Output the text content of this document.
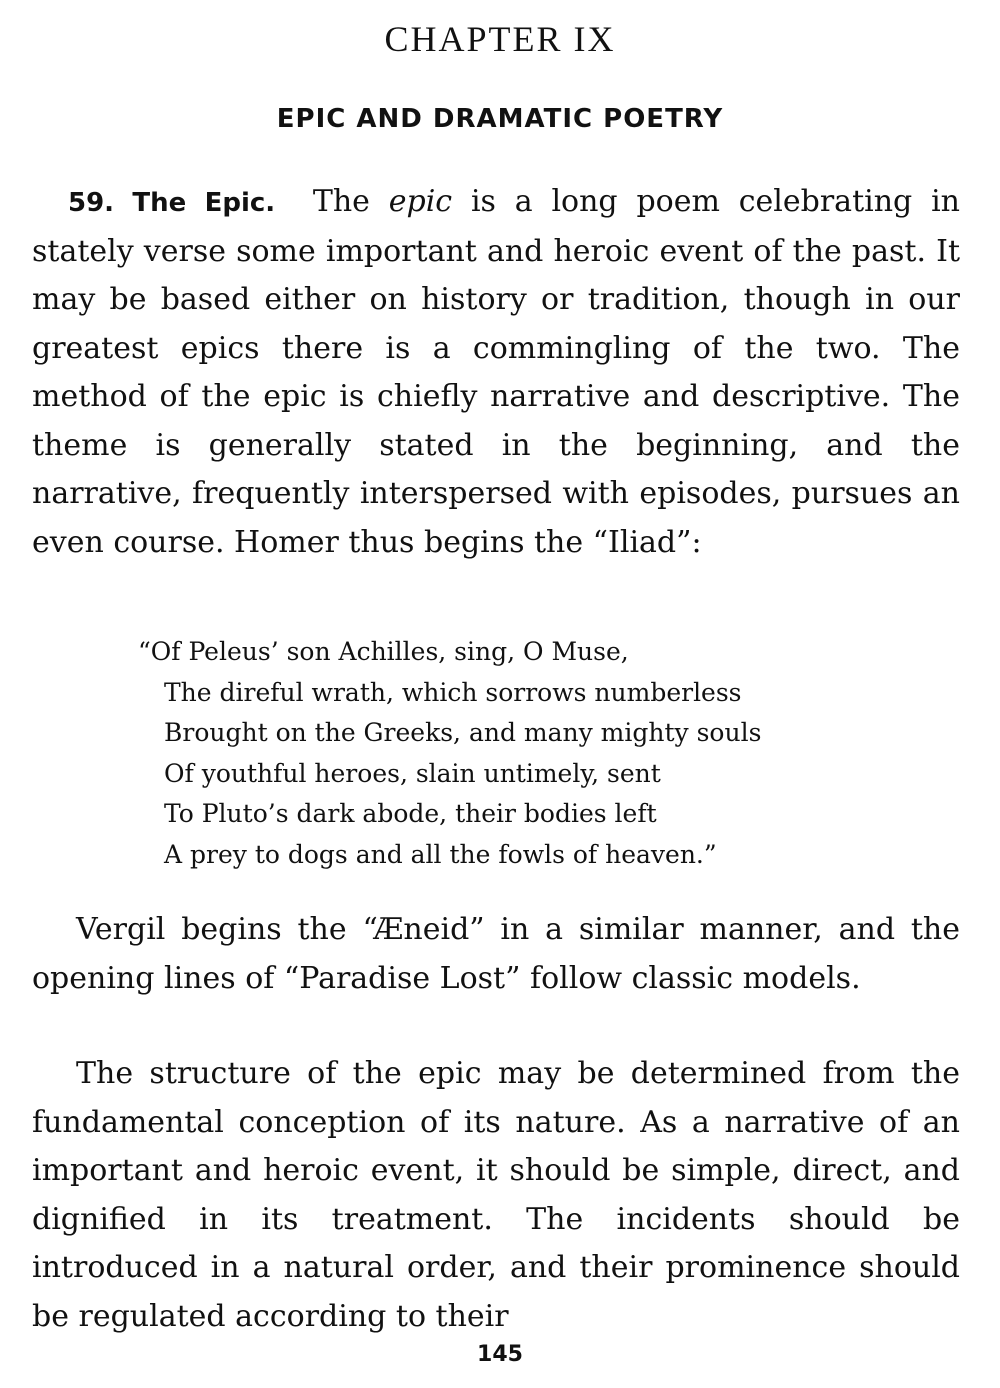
CHAPTER IX
EPIC AND DRAMATIC POETRY

59. The Epic. The epic is a long poem celebrating in stately verse some important and heroic event of the past. It may be based either on history or tradition, though in our greatest epics there is a commingling of the two. The method of the epic is chiefly narrative and descriptive. The theme is generally stated in the beginning, and the narrative, frequently interspersed with episodes, pursues an even course. Homer thus begins the “Iliad”:

“Of Peleus’ son Achilles, sing, O Muse,
The direful wrath, which sorrows numberless
Brought on the Greeks, and many mighty souls
Of youthful heroes, slain untimely, sent
To Pluto’s dark abode, their bodies left
A prey to dogs and all the fowls of heaven.”

Vergil begins the “Æneid” in a similar manner, and the opening lines of “Paradise Lost” follow classic models.

The structure of the epic may be determined from the fundamental conception of its nature. As a narrative of an important and heroic event, it should be simple, direct, and dignified in its treatment. The incidents should be introduced in a natural order, and their prominence should be regulated according to their

145
